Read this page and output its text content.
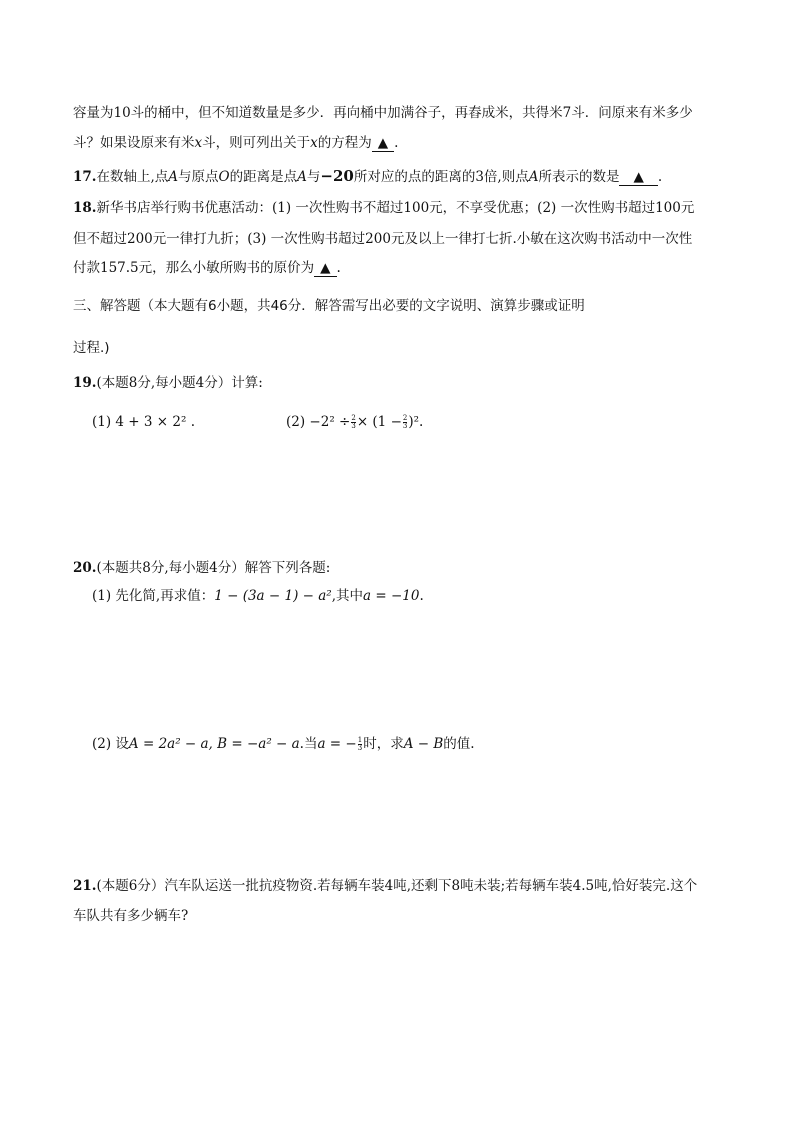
容量为10斗的桶中，但不知道数量是多少．再向桶中加满谷子，再舂成米，共得米7斗．问原来有米多少
斗？如果设原来有米x斗，则可列出关于x的方程为 ▲ .
17.在数轴上,点A与原点O的距离是点A与−20所对应的点的距离的3倍,则点A所表示的数是 ▲ .
18.新华书店举行购书优惠活动：(1) 一次性购书不超过100元，不享受优惠；(2) 一次性购书超过100元
但不超过200元一律打九折；(3) 一次性购书超过200元及以上一律打七折.小敏在这次购书活动中一次性
付款157.5元，那么小敏所购书的原价为 ▲ .
三、解答题（本大题有6小题，共46分．解答需写出必要的文字说明、演算步骤或证明
过程.)
19.(本题8分,每小题4分）计算:
(1) 4 + 3 × 2² .	$(2) -2^2 \div \frac{2}{3} \times (1 - \frac{2}{3} )^2$.
20.(本题共8分,每小题4分）解答下列各题:
(1) 先化简,再求值：1 − (3a − 1) − a²,其中a = −10.
(2) 设A = 2a² − a, B = −a² − a.当a = − $\frac{1}{3}$ 时，求A − B的值.
21.(本题6分）汽车队运送一批抗疫物资.若每辆车装4吨,还剩下8吨未装;若每辆车装4.5吨,恰好装完.这个
车队共有多少辆车?
